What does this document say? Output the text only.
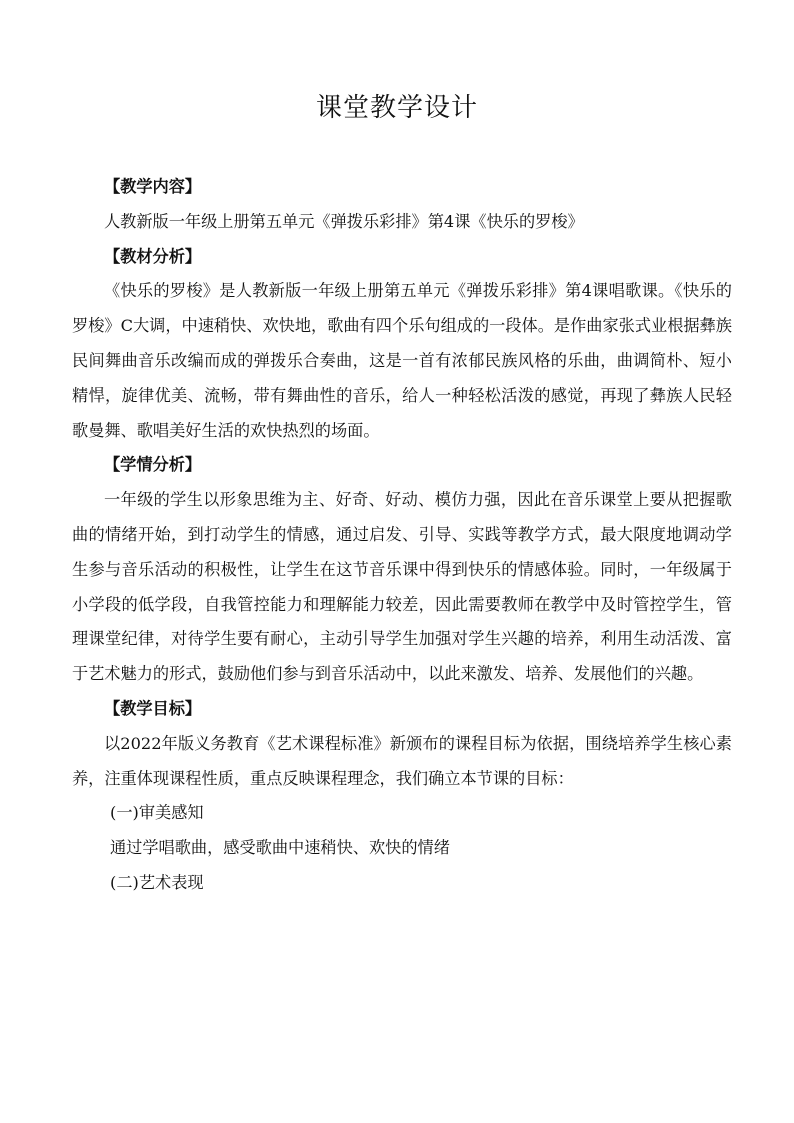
课堂教学设计

【教学内容】

人教新版一年级上册第五单元《弹拨乐彩排》第4课《快乐的罗梭》

【教材分析】

《快乐的罗梭》是人教新版一年级上册第五单元《弹拨乐彩排》第4课唱歌课。《快乐的罗梭》C大调，中速稍快、欢快地，歌曲有四个乐句组成的一段体。是作曲家张式业根据彝族民间舞曲音乐改编而成的弹拨乐合奏曲，这是一首有浓郁民族风格的乐曲，曲调简朴、短小精悍，旋律优美、流畅，带有舞曲性的音乐，给人一种轻松活泼的感觉，再现了彝族人民轻歌曼舞、歌唱美好生活的欢快热烈的场面。

【学情分析】

一年级的学生以形象思维为主、好奇、好动、模仿力强，因此在音乐课堂上要从把握歌曲的情绪开始，到打动学生的情感，通过启发、引导、实践等教学方式，最大限度地调动学生参与音乐活动的积极性，让学生在这节音乐课中得到快乐的情感体验。同时，一年级属于小学段的低学段，自我管控能力和理解能力较差，因此需要教师在教学中及时管控学生，管理课堂纪律，对待学生要有耐心，主动引导学生加强对学生兴趣的培养，利用生动活泼、富于艺术魅力的形式，鼓励他们参与到音乐活动中，以此来激发、培养、发展他们的兴趣。

【教学目标】

以2022年版义务教育《艺术课程标准》新颁布的课程目标为依据，围绕培养学生核心素养，注重体现课程性质，重点反映课程理念，我们确立本节课的目标：

(一)审美感知

通过学唱歌曲，感受歌曲中速稍快、欢快的情绪

(二)艺术表现
